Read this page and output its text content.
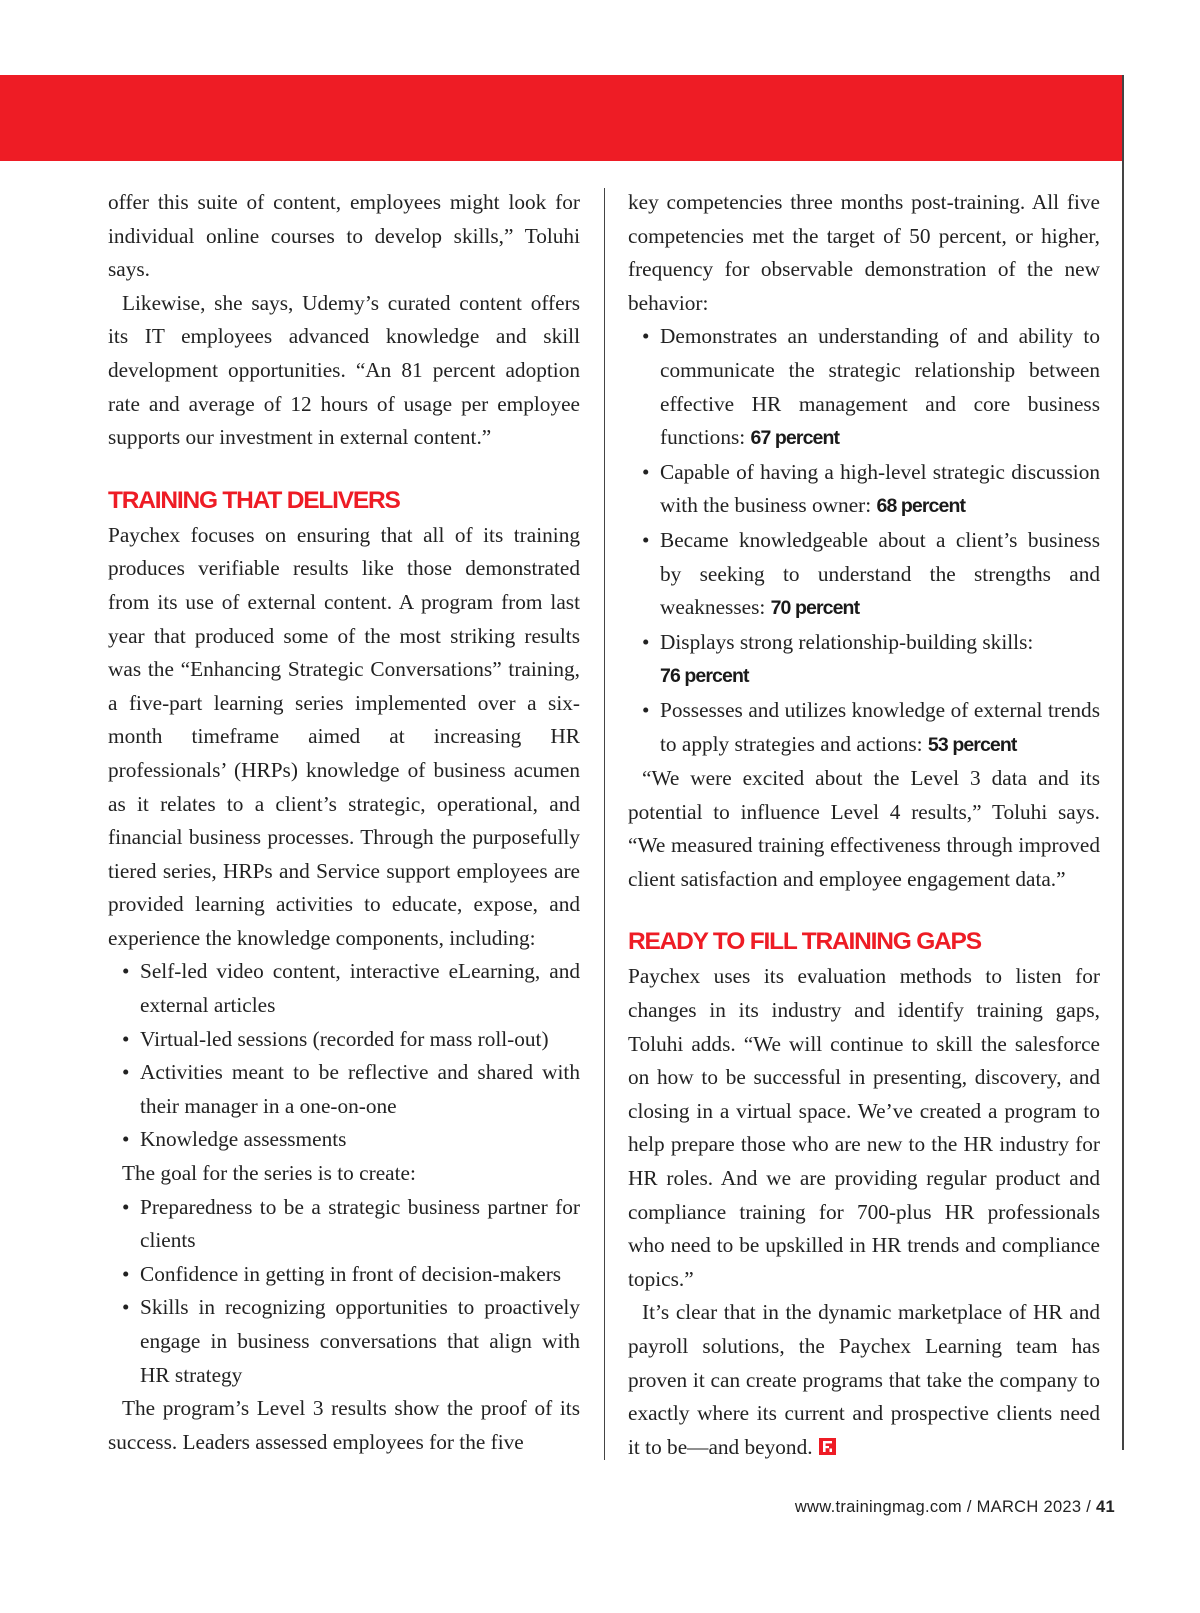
offer this suite of content, employees might look for individual online courses to develop skills,” Toluhi says.

Likewise, she says, Udemy’s curated content offers its IT employees advanced knowledge and skill development opportunities. “An 81 percent adoption rate and average of 12 hours of usage per employee supports our investment in external content.”

TRAINING THAT DELIVERS

Paychex focuses on ensuring that all of its training produces verifiable results like those demonstrated from its use of external content. A program from last year that produced some of the most striking results was the “Enhancing Strategic Conversations” training, a five-part learning series implemented over a six-month timeframe aimed at increasing HR professionals’ (HRPs) knowledge of business acumen as it relates to a client’s strategic, operational, and financial business processes. Through the purposefully tiered series, HRPs and Service support employees are provided learning activities to educate, expose, and experience the knowledge components, including:

• Self-led video content, interactive eLearning, and external articles
• Virtual-led sessions (recorded for mass roll-out)
• Activities meant to be reflective and shared with their manager in a one-on-one
• Knowledge assessments

The goal for the series is to create:

• Preparedness to be a strategic business partner for clients
• Confidence in getting in front of decision-makers
• Skills in recognizing opportunities to proactively engage in business conversations that align with HR strategy

The program’s Level 3 results show the proof of its success. Leaders assessed employees for the five

key competencies three months post-training. All five competencies met the target of 50 percent, or higher, frequency for observable demonstration of the new behavior:

• Demonstrates an understanding of and ability to communicate the strategic relationship between effective HR management and core business functions: 67 percent
• Capable of having a high-level strategic discussion with the business owner: 68 percent
• Became knowledgeable about a client’s business by seeking to understand the strengths and weaknesses: 70 percent
• Displays strong relationship-building skills:
76 percent
• Possesses and utilizes knowledge of external trends to apply strategies and actions: 53 percent

“We were excited about the Level 3 data and its potential to influence Level 4 results,” Toluhi says. “We measured training effectiveness through improved client satisfaction and employee engagement data.”

READY TO FILL TRAINING GAPS

Paychex uses its evaluation methods to listen for changes in its industry and identify training gaps, Toluhi adds. “We will continue to skill the salesforce on how to be successful in presenting, discovery, and closing in a virtual space. We’ve created a program to help prepare those who are new to the HR industry for HR roles. And we are providing regular product and compliance training for 700-plus HR professionals who need to be upskilled in HR trends and compliance topics.”

It’s clear that in the dynamic marketplace of HR and payroll solutions, the Paychex Learning team has proven it can create programs that take the company to exactly where its current and prospective clients need it to be—and beyond.

www.trainingmag.com / MARCH 2023 / 41
